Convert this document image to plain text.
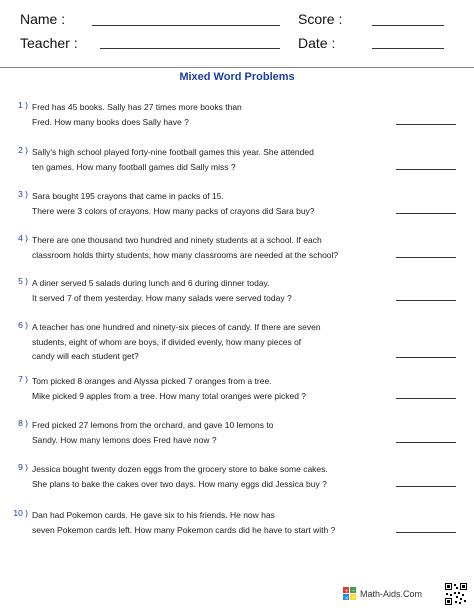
Name :	Score :
Teacher :	Date :
Mixed Word Problems
1 ) Fred has 45 books. Sally has 27 times more books than
Fred. How many books does Sally have ?
2 ) Sally's high school played forty-nine football games this year. She attended
ten games. How many football games did Sally miss ?
3 ) Sara bought 195 crayons that came in packs of 15.
There were 3 colors of crayons. How many packs of crayons did Sara buy?
4 ) There are one thousand two hundred and ninety students at a school. If each
classroom holds thirty students, how many classrooms are needed at the school?
5 ) A diner served 5 salads during lunch and 6 during dinner today.
It served 7 of them yesterday. How many salads were served today ?
6 ) A teacher has one hundred and ninety-six pieces of candy. If there are seven
students, eight of whom are boys, if divided evenly, how many pieces of
candy will each student get?
7 ) Tom picked 8 oranges and Alyssa picked 7 oranges from a tree.
Mike picked 9 apples from a tree. How many total oranges were picked ?
8 ) Fred picked 27 lemons from the orchard, and gave 10 lemons to
Sandy. How many lemons does Fred have now ?
9 ) Jessica bought twenty dozen eggs from the grocery store to bake some cakes.
She plans to bake the cakes over two days. How many eggs did Jessica buy ?
10 ) Dan had Pokemon cards. He gave six to his friends. He now has
seven Pokemon cards left. How many Pokemon cards did he have to start with ?
+ −
× ÷ Math-Aids.Com
